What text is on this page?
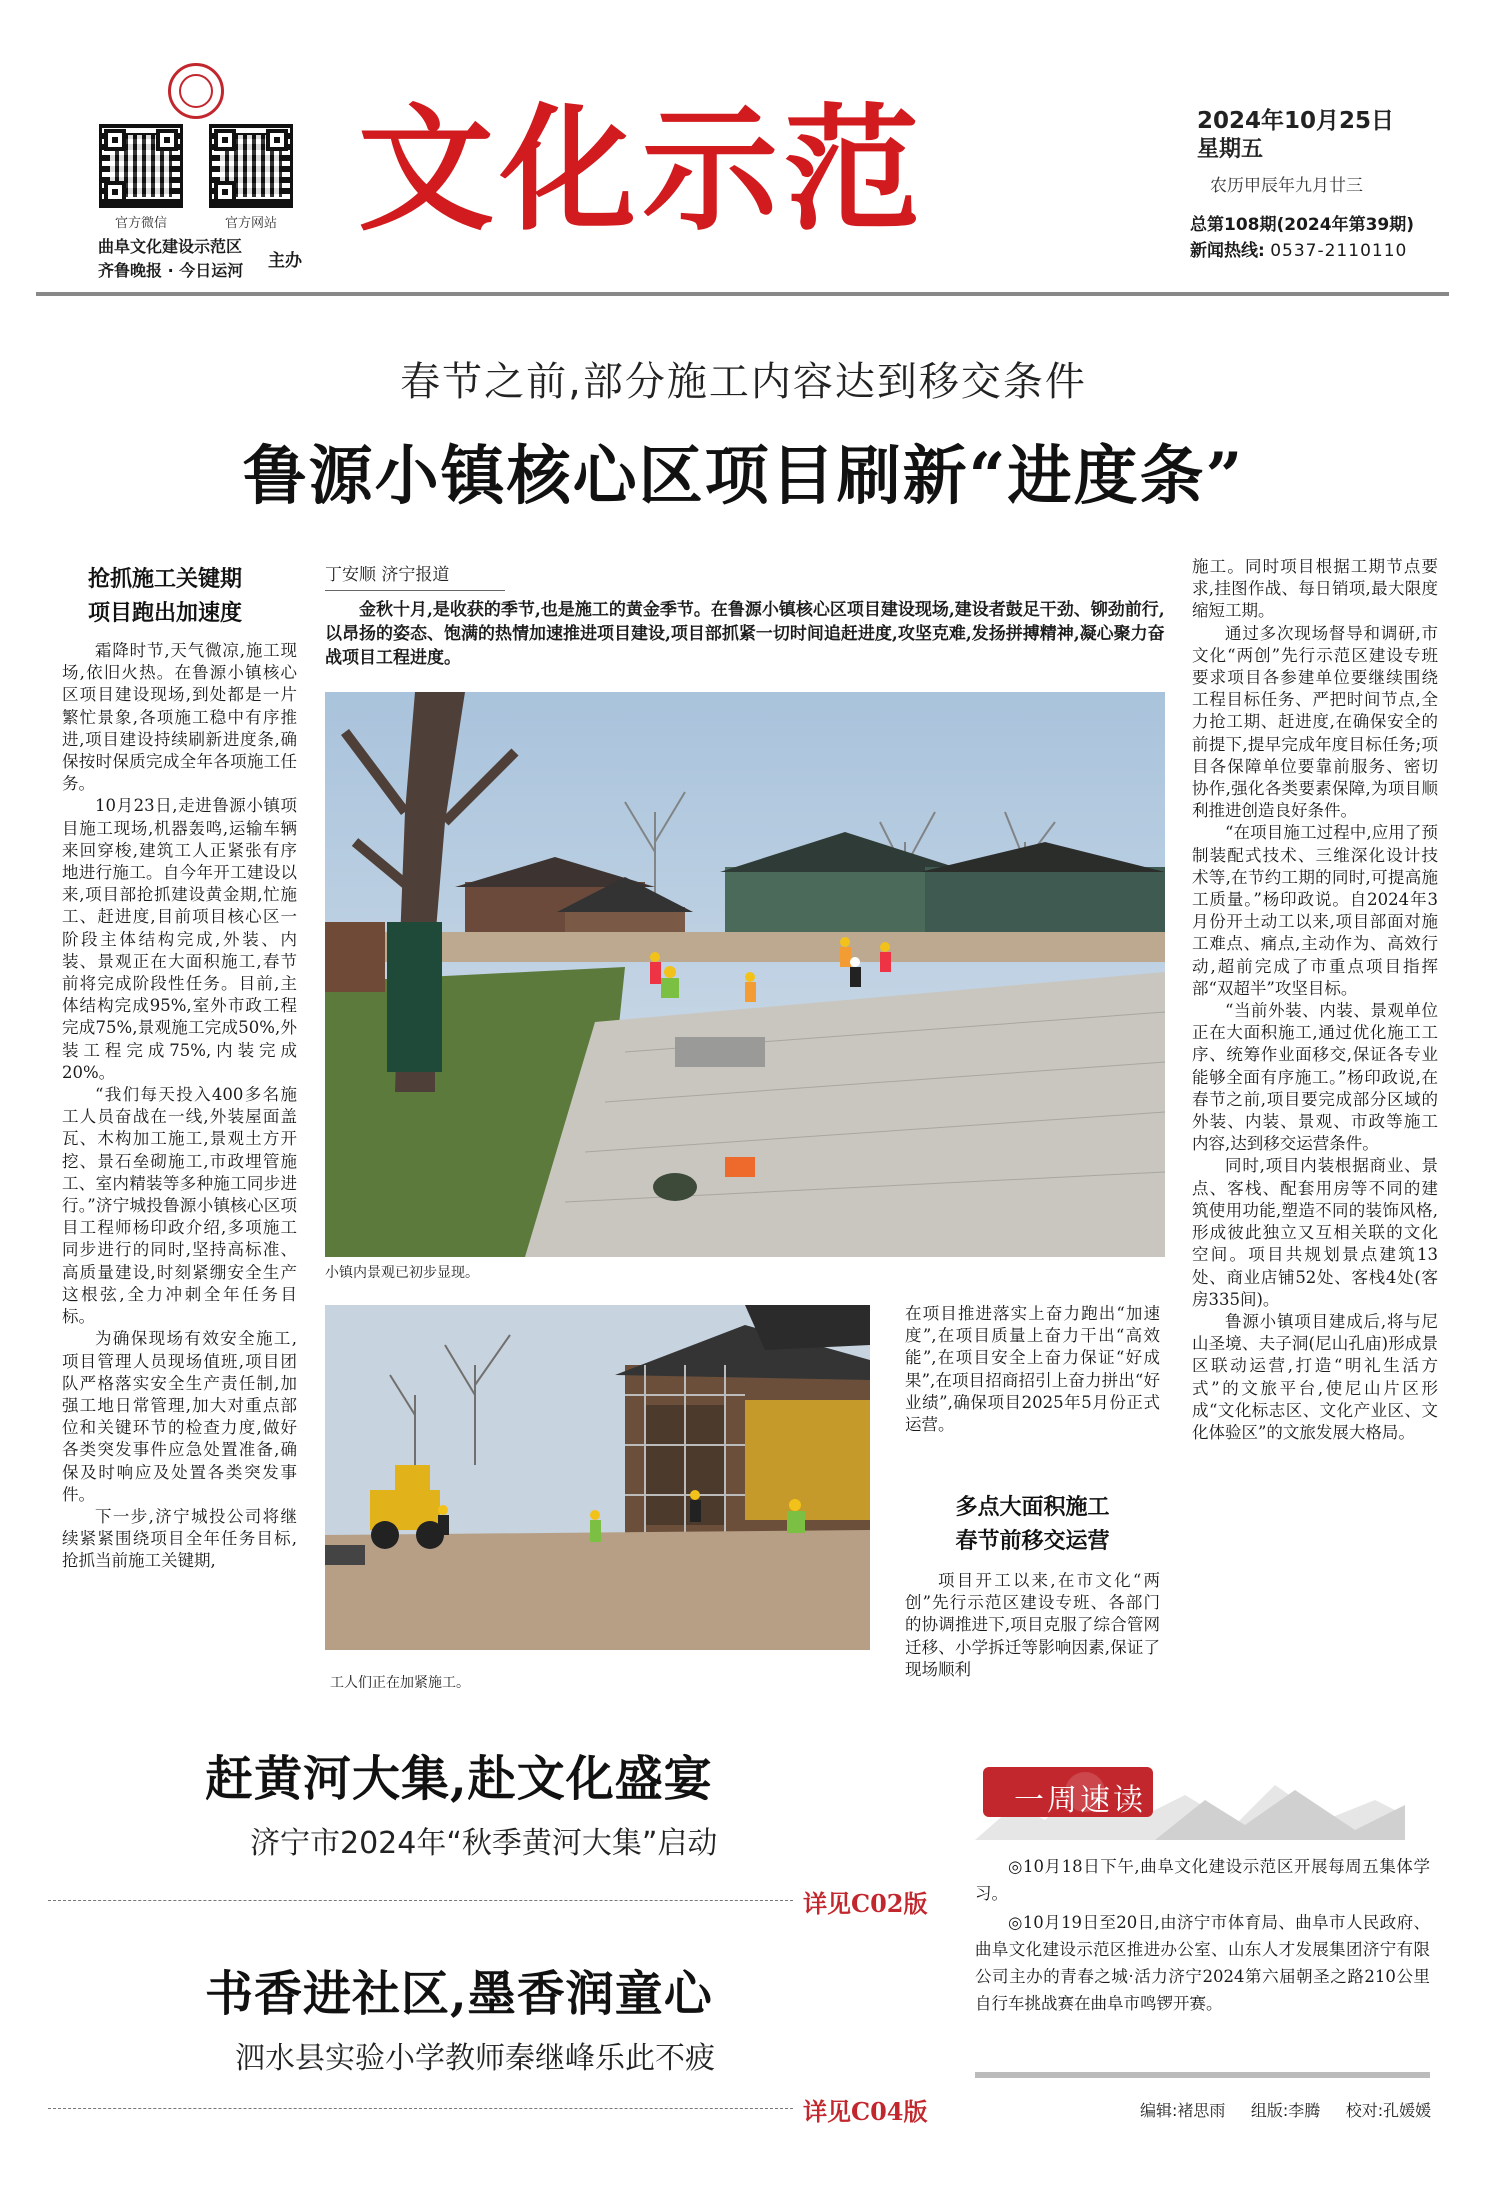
官方微信	官方网站
曲阜文化建设示范区
齐鲁晚报 · 今日运河 主办
文化示范	2024年10月25日
星期五
农历甲辰年九月廿三
总第108期(2024年第39期)
新闻热线: 0537-2110110
春节之前,部分施工内容达到移交条件
鲁源小镇核心区项目刷新“进度条”
抢抓施工关键期
项目跑出加速度

霜降时节,天气微凉,施工现场,依旧火热。在鲁源小镇核心区项目建设现场,到处都是一片繁忙景象,各项施工稳中有序推进,项目建设持续刷新进度条,确保按时保质完成全年各项施工任务。

10月23日,走进鲁源小镇项目施工现场,机器轰鸣,运输车辆来回穿梭,建筑工人正紧张有序地进行施工。自今年开工建设以来,项目部抢抓建设黄金期,忙施工、赶进度,目前项目核心区一阶段主体结构完成,外装、内装、景观正在大面积施工,春节前将完成阶段性任务。目前,主体结构完成95%,室外市政工程完成75%,景观施工完成50%,外装工程完成75%,内装完成20%。

“我们每天投入400多名施工人员奋战在一线,外装屋面盖瓦、木构加工施工,景观土方开挖、景石垒砌施工,市政埋管施工、室内精装等多种施工同步进行。”济宁城投鲁源小镇核心区项目工程师杨印政介绍,多项施工同步进行的同时,坚持高标准、高质量建设,时刻紧绷安全生产这根弦,全力冲刺全年任务目标。

为确保现场有效安全施工,项目管理人员现场值班,项目团队严格落实安全生产责任制,加强工地日常管理,加大对重点部位和关键环节的检查力度,做好各类突发事件应急处置准备,确保及时响应及处置各类突发事件。

下一步,济宁城投公司将继续紧紧围绕项目全年任务目标,抢抓当前施工关键期,

丁安顺 济宁报道
金秋十月,是收获的季节,也是施工的黄金季节。在鲁源小镇核心区项目建设现场,建设者鼓足干劲、铆劲前行,以昂扬的姿态、饱满的热情加速推进项目建设,项目部抓紧一切时间追赶进度,攻坚克难,发扬拼搏精神,凝心聚力奋战项目工程进度。
小镇内景观已初步显现。
工人们正在加紧施工。

在项目推进落实上奋力跑出“加速度”,在项目质量上奋力干出“高效能”,在项目安全上奋力保证“好成果”,在项目招商招引上奋力拼出“好业绩”,确保项目2025年5月份正式运营。

多点大面积施工
春节前移交运营

项目开工以来,在市文化“两创”先行示范区建设专班、各部门的协调推进下,项目克服了综合管网迁移、小学拆迁等影响因素,保证了现场顺利

施工。同时项目根据工期节点要求,挂图作战、每日销项,最大限度缩短工期。

通过多次现场督导和调研,市文化“两创”先行示范区建设专班要求项目各参建单位要继续围绕工程目标任务、严把时间节点,全力抢工期、赶进度,在确保安全的前提下,提早完成年度目标任务;项目各保障单位要靠前服务、密切协作,强化各类要素保障,为项目顺利推进创造良好条件。

“在项目施工过程中,应用了预制装配式技术、三维深化设计技术等,在节约工期的同时,可提高施工质量。”杨印政说。自2024年3月份开土动工以来,项目部面对施工难点、痛点,主动作为、高效行动,超前完成了市重点项目指挥部“双超半”攻坚目标。

“当前外装、内装、景观单位正在大面积施工,通过优化施工工序、统筹作业面移交,保证各专业能够全面有序施工。”杨印政说,在春节之前,项目要完成部分区域的外装、内装、景观、市政等施工内容,达到移交运营条件。

同时,项目内装根据商业、景点、客栈、配套用房等不同的建筑使用功能,塑造不同的装饰风格,形成彼此独立又互相关联的文化空间。项目共规划景点建筑13处、商业店铺52处、客栈4处(客房335间)。

鲁源小镇项目建成后,将与尼山圣境、夫子洞(尼山孔庙)形成景区联动运营,打造“明礼生活方式”的文旅平台,使尼山片区形成“文化标志区、文化产业区、文化体验区”的文旅发展大格局。

赶黄河大集,赴文化盛宴
济宁市2024年“秋季黄河大集”启动
详见C02版
书香进社区,墨香润童心
泗水县实验小学教师秦继峰乐此不疲
详见C04版
一周速读

◎10月18日下午,曲阜文化建设示范区开展每周五集体学习。

◎10月19日至20日,由济宁市体育局、曲阜市人民政府、曲阜文化建设示范区推进办公室、山东人才发展集团济宁有限公司主办的青春之城·活力济宁2024第六届朝圣之路210公里自行车挑战赛在曲阜市鸣锣开赛。

编辑:褚思雨 组版:李腾 校对:孔媛媛
